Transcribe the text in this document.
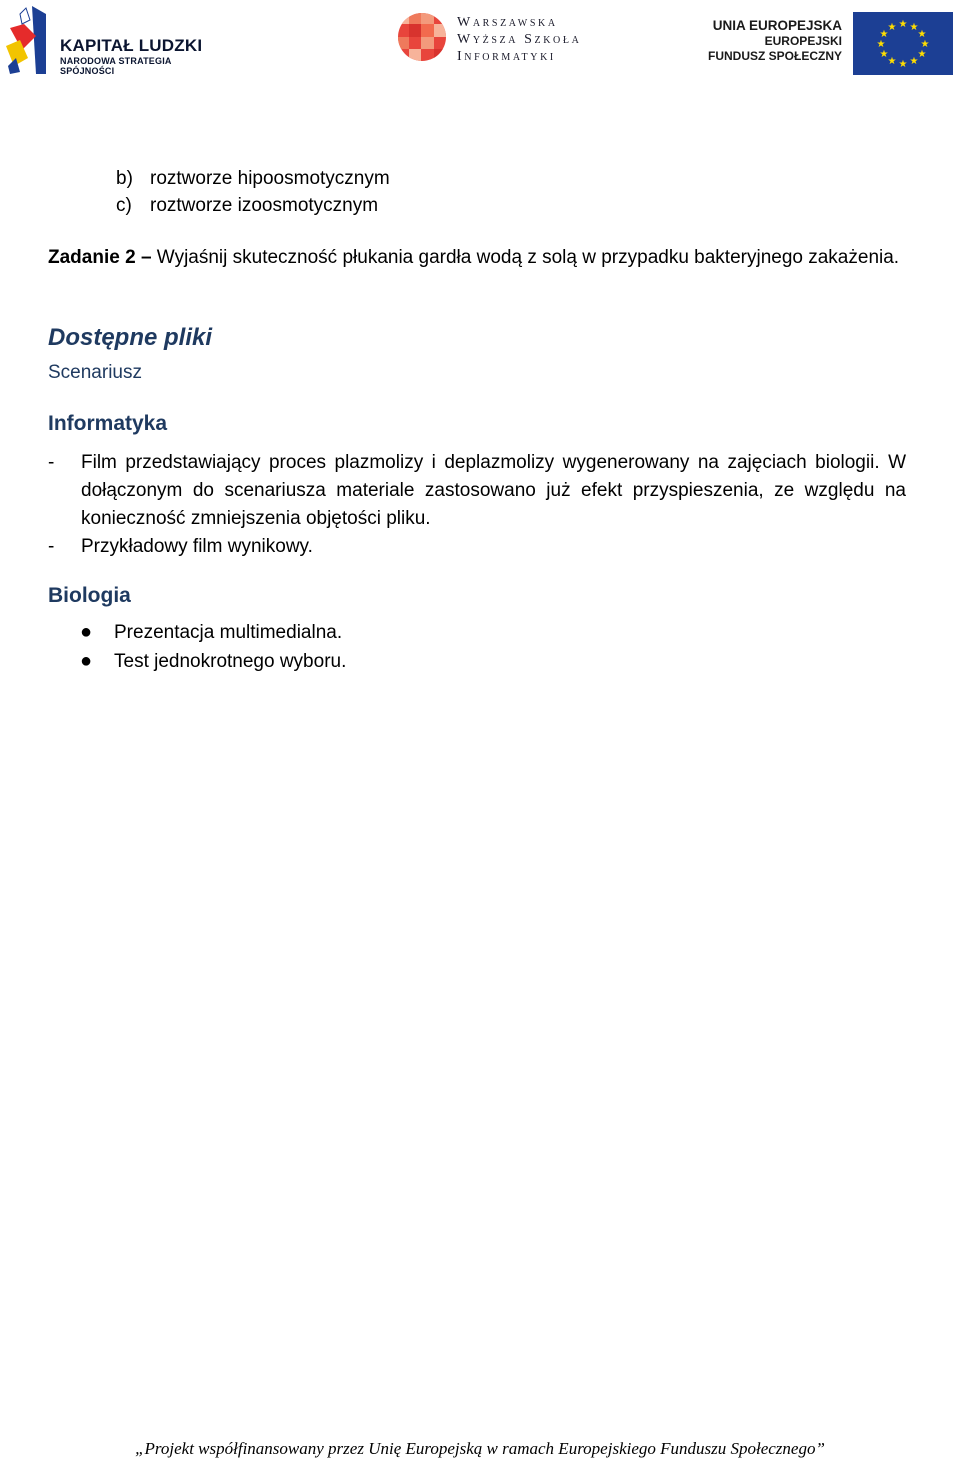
KAPITAŁ LUDZKI
NARODOWA STRATEGIA SPÓJNOŚCI
Warszawska
Wyższa Szkoła
Informatyki
UNIA EUROPEJSKA
EUROPEJSKI
FUNDUSZ SPOŁECZNY
★ ★
★
★
★
★
★
★
★
★
★
★
b) roztworze hipoosmotycznym
c) roztworze izoosmotycznym
Zadanie 2 – Wyjaśnij skuteczność płukania gardła wodą z solą w przypadku bakteryjnego zakażenia.
Dostępne pliki
Scenariusz
Informatyka
- Film przedstawiający proces plazmolizy i deplazmolizy wygenerowany na zajęciach biologii. W dołączonym do scenariusza materiale zastosowano już efekt przyspieszenia, ze względu na konieczność zmniejszenia objętości pliku.
- Przykładowy film wynikowy.
Biologia
● Prezentacja multimedialna.
● Test jednokrotnego wyboru.
„Projekt współfinansowany przez Unię Europejską w ramach Europejskiego Funduszu Społecznego”
